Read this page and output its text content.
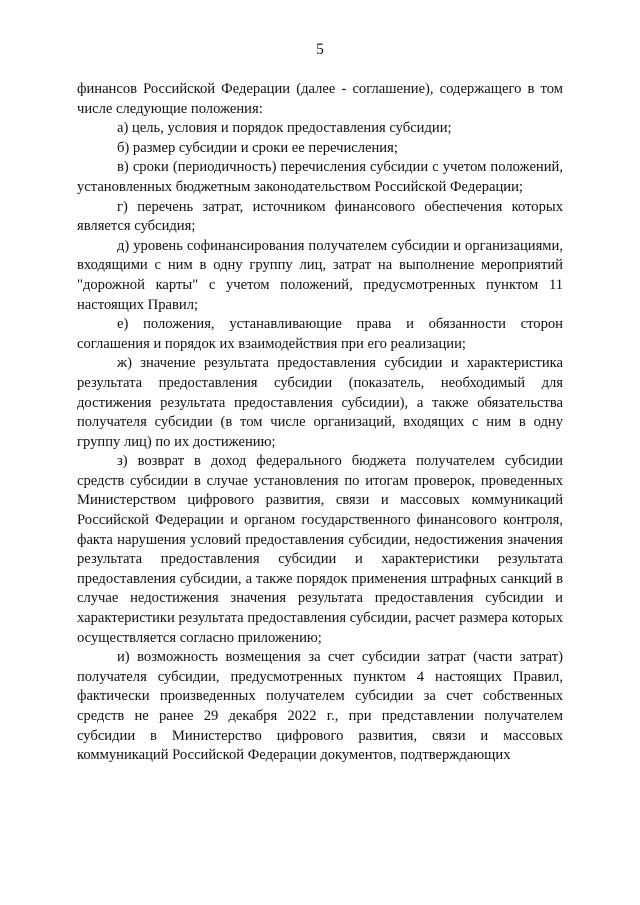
5

финансов Российской Федерации (далее - соглашение), содержащего в том числе следующие положения:

а) цель, условия и порядок предоставления субсидии;

б) размер субсидии и сроки ее перечисления;

в) сроки (периодичность) перечисления субсидии с учетом положений, установленных бюджетным законодательством Российской Федерации;

г) перечень затрат, источником финансового обеспечения которых является субсидия;

д) уровень софинансирования получателем субсидии и организациями, входящими с ним в одну группу лиц, затрат на выполнение мероприятий "дорожной карты" с учетом положений, предусмотренных пунктом 11 настоящих Правил;

е) положения, устанавливающие права и обязанности сторон соглашения и порядок их взаимодействия при его реализации;

ж) значение результата предоставления субсидии и характеристика результата предоставления субсидии (показатель, необходимый для достижения результата предоставления субсидии), а также обязательства получателя субсидии (в том числе организаций, входящих с ним в одну группу лиц) по их достижению;

з) возврат в доход федерального бюджета получателем субсидии средств субсидии в случае установления по итогам проверок, проведенных Министерством цифрового развития, связи и массовых коммуникаций Российской Федерации и органом государственного финансового контроля, факта нарушения условий предоставления субсидии, недостижения значения результата предоставления субсидии и характеристики результата предоставления субсидии, а также порядок применения штрафных санкций в случае недостижения значения результата предоставления субсидии и характеристики результата предоставления субсидии, расчет размера которых осуществляется согласно приложению;

и) возможность возмещения за счет субсидии затрат (части затрат) получателя субсидии, предусмотренных пунктом 4 настоящих Правил, фактически произведенных получателем субсидии за счет собственных средств не ранее 29 декабря 2022 г., при представлении получателем субсидии в Министерство цифрового развития, связи и массовых коммуникаций Российской Федерации документов, подтверждающих
